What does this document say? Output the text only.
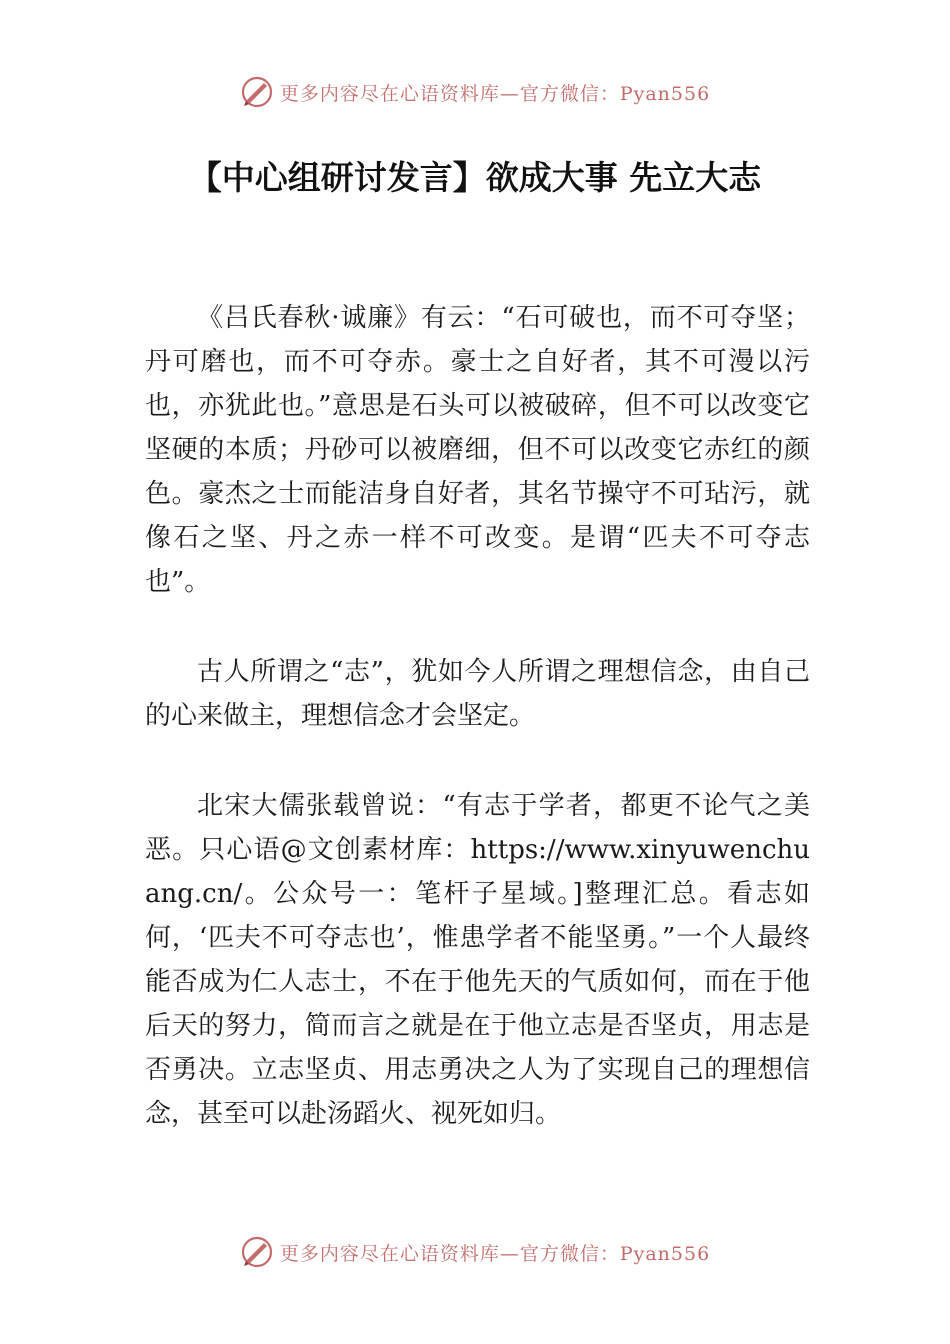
更多内容尽在心语资料库—官方微信：Pyan556
【中心组研讨发言】欲成大事 先立大志

《吕氏春秋·诚廉》有云：“石可破也，而不可夺坚；丹可磨也，而不可夺赤。豪士之自好者，其不可漫以污也，亦犹此也。”意思是石头可以被破碎，但不可以改变它坚硬的本质；丹砂可以被磨细，但不可以改变它赤红的颜色。豪杰之士而能洁身自好者，其名节操守不可玷污，就像石之坚、丹之赤一样不可改变。是谓“匹夫不可夺志也”。

古人所谓之“志”，犹如今人所谓之理想信念，由自己的心来做主，理想信念才会坚定。

北宋大儒张载曾说：“有志于学者，都更不论气之美恶。只心语@文创素材库：https://www.xinyuwenchuang.cn/。公众号一：笔杆子星域。]整理汇总。看志如何，‘匹夫不可夺志也’，惟患学者不能坚勇。”一个人最终能否成为仁人志士，不在于他先天的气质如何，而在于他后天的努力，简而言之就是在于他立志是否坚贞，用志是否勇决。立志坚贞、用志勇决之人为了实现自己的理想信念，甚至可以赴汤蹈火、视死如归。

更多内容尽在心语资料库—官方微信：Pyan556
